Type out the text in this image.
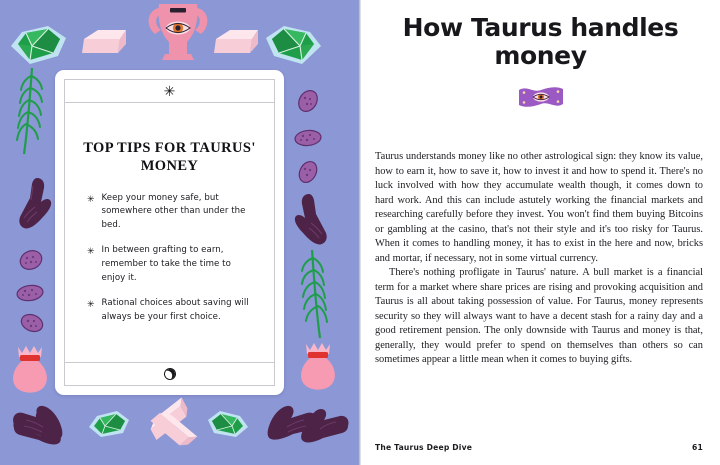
✳
TOP TIPS FOR TAURUS' MONEY
✳ Keep your money safe, but somewhere other than under the bed.
✳ In between grafting to earn, remember to take the time to enjoy it.
✳ Rational choices about saving will always be your first choice.
How Taurus handles money

Taurus understands money like no other astrological sign: they know its value, how to earn it, how to save it, how to invest it and how to spend it. There's no luck involved with how they accumulate wealth though, it comes down to hard work. And this can include astutely working the financial markets and researching carefully before they invest. You won't find them buying Bitcoins or gambling at the casino, that's not their style and it's too risky for Taurus. When it comes to handling money, it has to exist in the here and now, bricks and mortar, if necessary, not in some virtual currency.

There's nothing profligate in Taurus' nature. A bull market is a financial term for a market where share prices are rising and provoking acquisition and Taurus is all about taking possession of value. For Taurus, money represents security so they will always want to have a decent stash for a rainy day and a good retirement pension. The only downside with Taurus and money is that, generally, they would prefer to spend on themselves than others so can sometimes appear a little mean when it comes to buying gifts.

The Taurus Deep Dive	61
